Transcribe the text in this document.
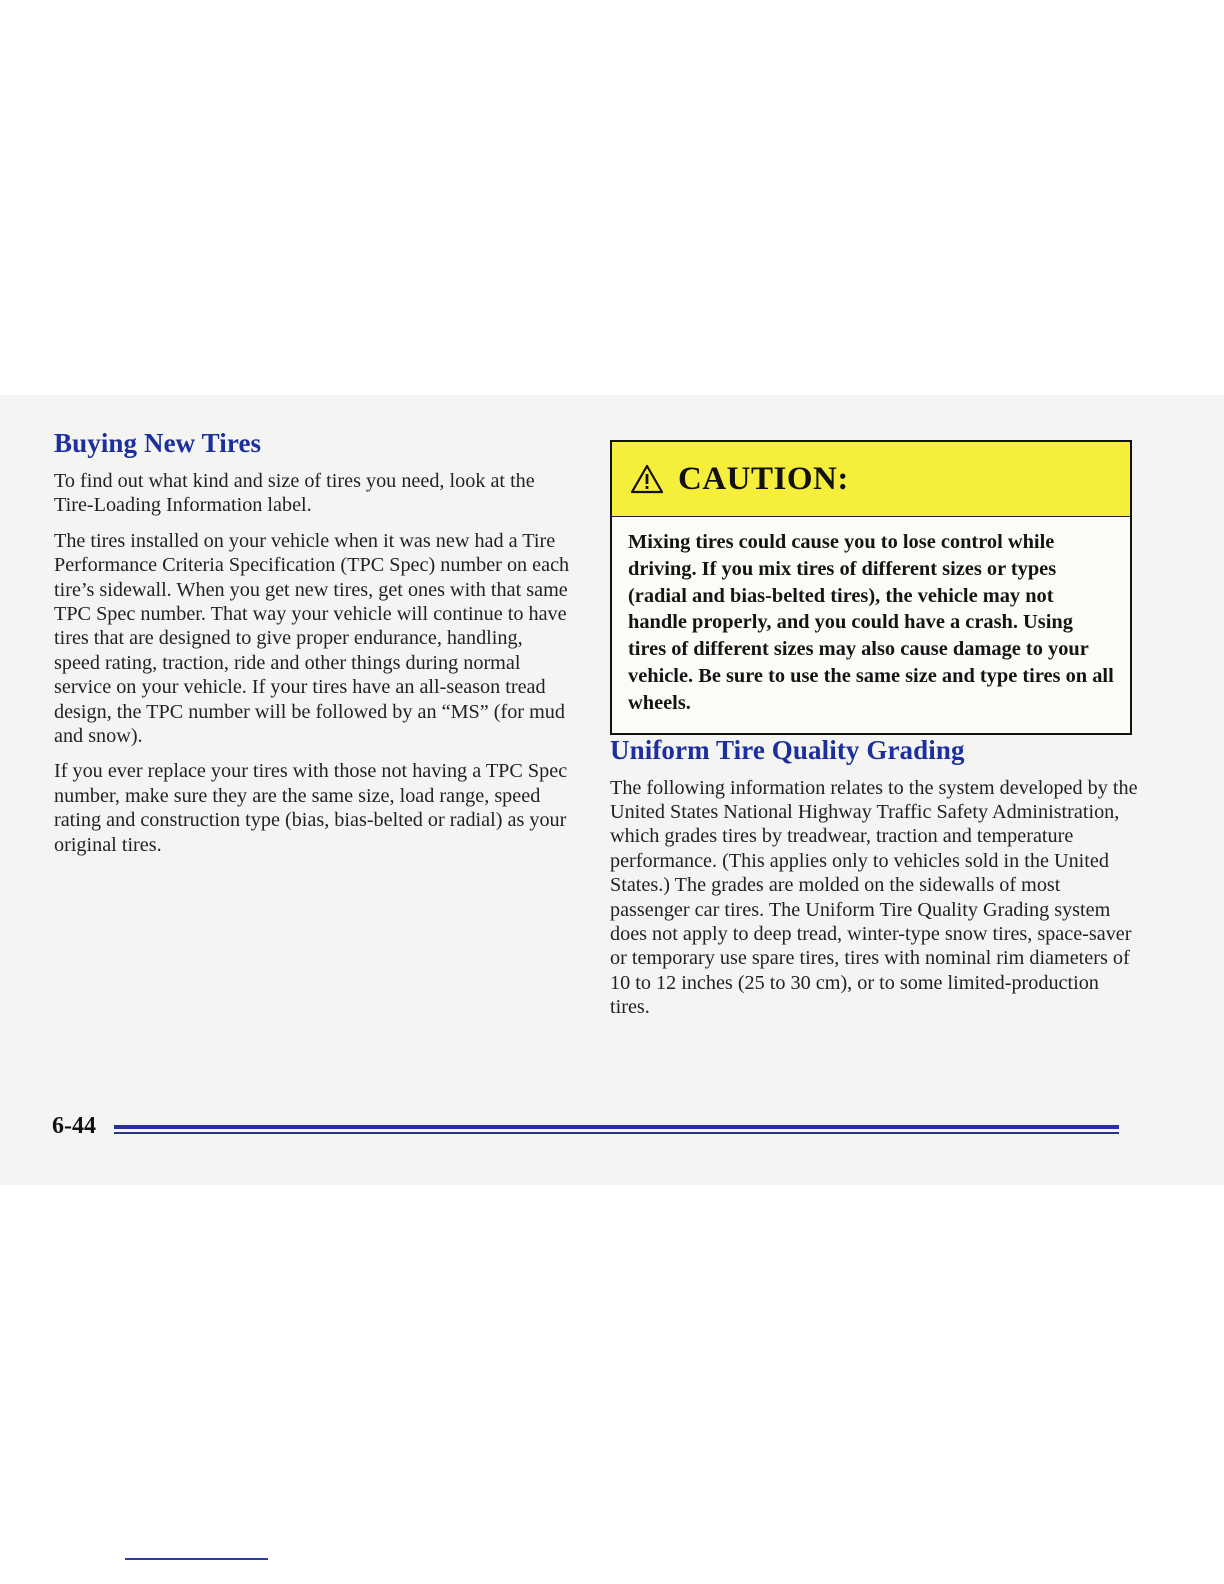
Buying New Tires

To find out what kind and size of tires you need, look at the Tire-Loading Information label.

The tires installed on your vehicle when it was new had a Tire Performance Criteria Specification (TPC Spec) number on each tire’s sidewall. When you get new tires, get ones with that same TPC Spec number. That way your vehicle will continue to have tires that are designed to give proper endurance, handling, speed rating, traction, ride and other things during normal service on your vehicle. If your tires have an all-season tread design, the TPC number will be followed by an “MS” (for mud and snow).

If you ever replace your tires with those not having a TPC Spec number, make sure they are the same size, load range, speed rating and construction type (bias, bias-belted or radial) as your original tires.

CAUTION:
Mixing tires could cause you to lose control while driving. If you mix tires of different sizes or types (radial and bias-belted tires), the vehicle may not handle properly, and you could have a crash. Using tires of different sizes may also cause damage to your vehicle. Be sure to use the same size and type tires on all wheels.
Uniform Tire Quality Grading

The following information relates to the system developed by the United States National Highway Traffic Safety Administration, which grades tires by treadwear, traction and temperature performance. (This applies only to vehicles sold in the United States.) The grades are molded on the sidewalls of most passenger car tires. The Uniform Tire Quality Grading system does not apply to deep tread, winter-type snow tires, space-saver or temporary use spare tires, tires with nominal rim diameters of 10 to 12 inches (25 to 30 cm), or to some limited-production tires.

6-44
